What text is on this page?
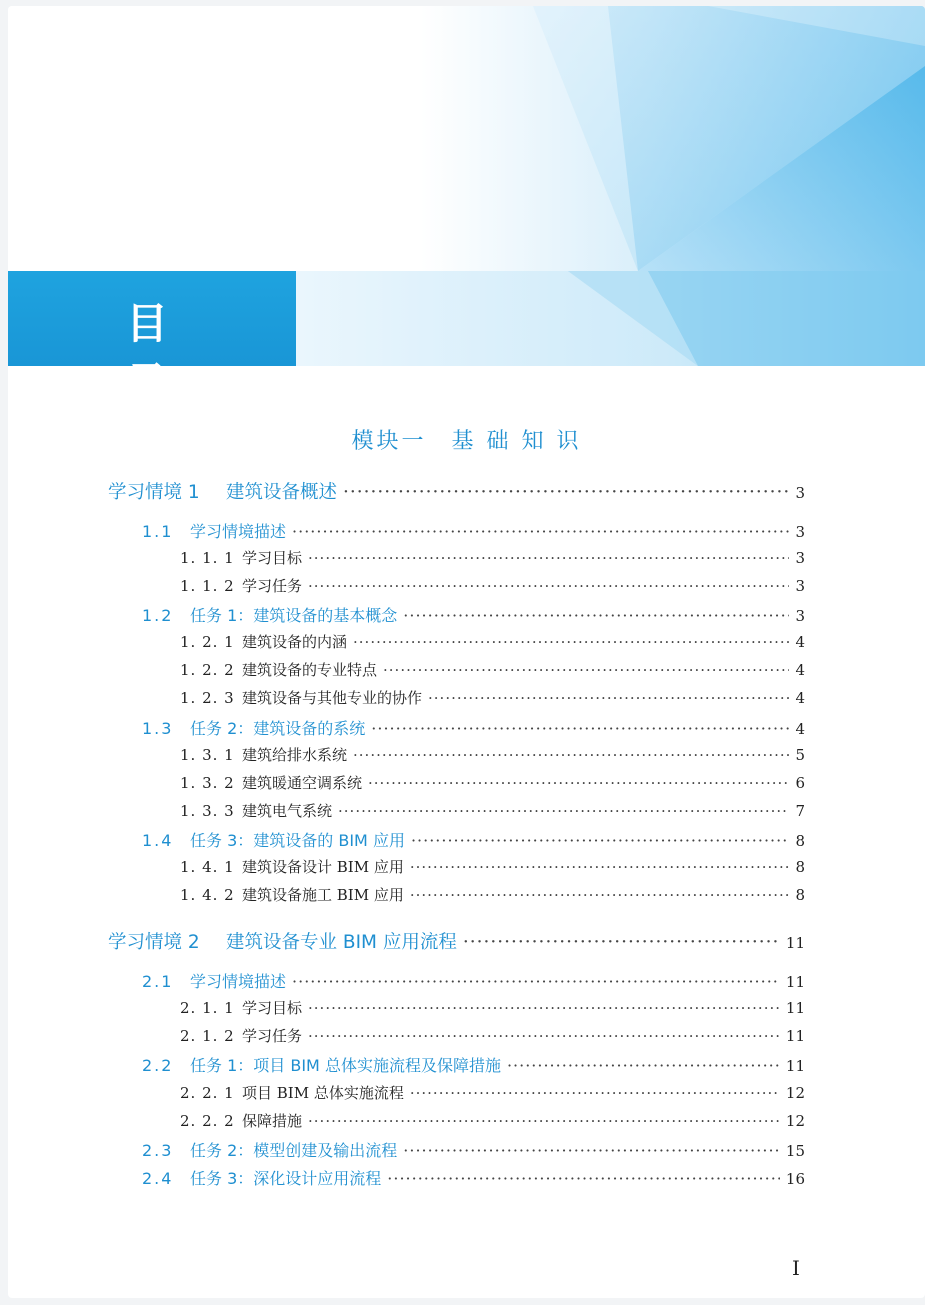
目 录
模块一　基 础 知 识
学习情境 1	建筑设备概述 ·····	3
1.1	学习情境描述 ·····	3
1. 1. 1 学习目标 ·····	3
1. 1. 2 学习任务 ·····	3
1.2	任务 1：建筑设备的基本概念 ·····	3
1. 2. 1 建筑设备的内涵 ·····	4
1. 2. 2 建筑设备的专业特点 ·····	4
1. 2. 3 建筑设备与其他专业的协作 ·····	4
1.3	任务 2：建筑设备的系统 ·····	4
1. 3. 1 建筑给排水系统 ·····	5
1. 3. 2 建筑暖通空调系统 ·····	6
1. 3. 3 建筑电气系统 ·····	7
1.4	任务 3：建筑设备的 BIM 应用 ·····	8
1. 4. 1 建筑设备设计 BIM 应用 ·····	8
1. 4. 2 建筑设备施工 BIM 应用 ·····	8
学习情境 2	建筑设备专业 BIM 应用流程 ·····	11
2.1	学习情境描述 ·····	11
2. 1. 1 学习目标 ·····	11
2. 1. 2 学习任务 ·····	11
2.2	任务 1：项目 BIM 总体实施流程及保障措施 ·····	11
2. 2. 1 项目 BIM 总体实施流程 ·····	12
2. 2. 2 保障措施 ·····	12
2.3	任务 2：模型创建及输出流程 ·····	15
2.4	任务 3：深化设计应用流程 ·····	16
I
